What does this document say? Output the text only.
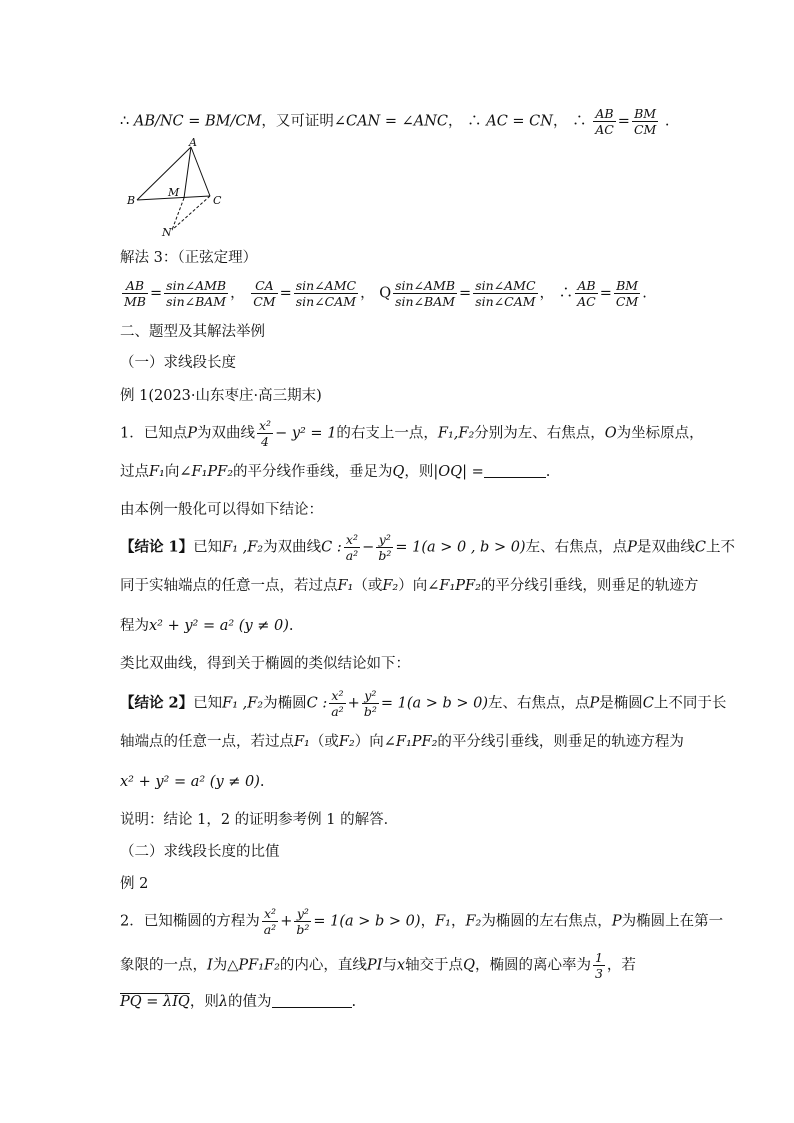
∴ AB/NC = BM/CM，又可证明∠CAN = ∠ANC， ∴ AC = CN， ∴ $\frac{AB}{AC} = \frac{BM}{CM}$ .
A
B
M
C
N
解法 3：（正弦定理）
$\frac{AB}{MB} = \frac{\text{sin∠AMB}}{\text{sin∠BAM}}$ ， $\frac{CA}{CM} = \frac{\text{sin∠AMC}}{\text{sin∠CAM}}$ ， Q $\frac{\text{sin∠AMB}}{\text{sin∠BAM}} = \frac{\text{sin∠AMC}}{\text{sin∠CAM}}$ ， ∴ $\frac{AB}{AC} = \frac{BM}{CM}$ .
二、题型及其解法举例
（一）求线段长度
例 1(2023·山东枣庄·高三期末)
1．已知点P为双曲线 $\frac{\text{x²}}{4} - y^2 = 1$的右支上一点，F₁,F₂分别为左、右焦点，O为坐标原点，
过点F₁向∠F₁PF₂的平分线作垂线，垂足为Q，则|OQ| =	.
由本例一般化可以得如下结论：
【结论 1】已知F₁ ,F₂为双曲线C : $\frac{\text{x²}}{\text{a²}} - \frac{\text{y²}}{\text{b²}} = 1(a > 0$ , b > 0)左、右焦点，点P是双曲线C上不
同于实轴端点的任意一点，若过点F₁（或F₂）向∠F₁PF₂的平分线引垂线，则垂足的轨迹方
程为x² + y² = a² (y ≠ 0).
类比双曲线，得到关于椭圆的类似结论如下：
【结论 2】已知F₁ ,F₂为椭圆C : $\frac{\text{x²}}{\text{a²}} + \frac{\text{y²}}{\text{b²}} = 1(a > b > 0)$左、右焦点，点P是椭圆C上不同于长
轴端点的任意一点，若过点F₁（或F₂）向∠F₁PF₂的平分线引垂线，则垂足的轨迹方程为
x² + y² = a² (y ≠ 0).
说明：结论 1，2 的证明参考例 1 的解答．
（二）求线段长度的比值
例 2
2．已知椭圆的方程为 $\frac{\text{x²}}{\text{a²}} + \frac{\text{y²}}{\text{b²}} = 1(a > b > 0)$，F₁，F₂为椭圆的左右焦点，P为椭圆上在第一
象限的一点，I为△PF₁F₂的内心，直线PI与x轴交于点Q，椭圆的离心率为 $\frac{1}{3}$ ，若
PQ = λIQ，则λ的值为	.
